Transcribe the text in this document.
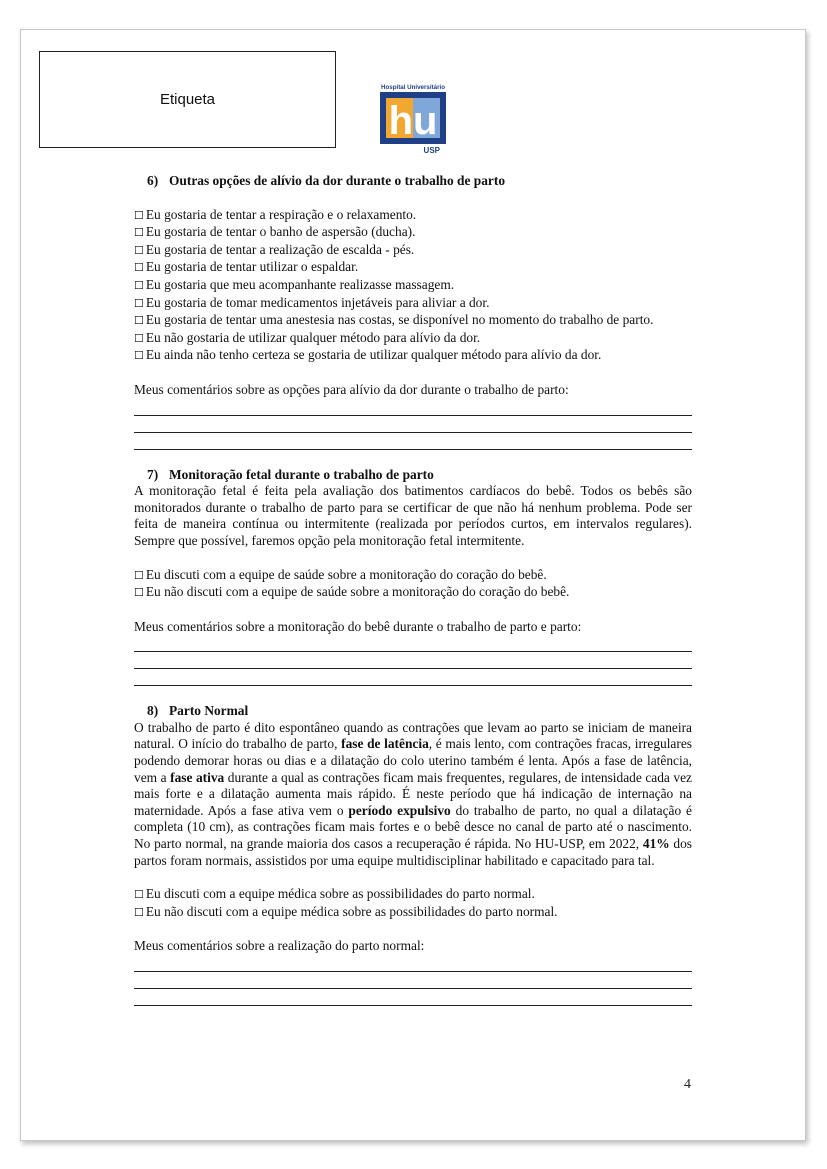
Etiqueta
Hospital Universitário
hu
USP
6) Outras opções de alívio da dor durante o trabalho de parto
☐ Eu gostaria de tentar a respiração e o relaxamento.
☐ Eu gostaria de tentar o banho de aspersão (ducha).
☐ Eu gostaria de tentar a realização de escalda - pés.
☐ Eu gostaria de tentar utilizar o espaldar.
☐ Eu gostaria que meu acompanhante realizasse massagem.
☐ Eu gostaria de tomar medicamentos injetáveis para aliviar a dor.
☐ Eu gostaria de tentar uma anestesia nas costas, se disponível no momento do trabalho de parto.
☐ Eu não gostaria de utilizar qualquer método para alívio da dor.
☐ Eu ainda não tenho certeza se gostaria de utilizar qualquer método para alívio da dor.
Meus comentários sobre as opções para alívio da dor durante o trabalho de parto:
7) Monitoração fetal durante o trabalho de parto
A monitoração fetal é feita pela avaliação dos batimentos cardíacos do bebê. Todos os bebês são monitorados durante o trabalho de parto para se certificar de que não há nenhum problema. Pode ser feita de maneira contínua ou intermitente (realizada por períodos curtos, em intervalos regulares). Sempre que possível, faremos opção pela monitoração fetal intermitente.
☐ Eu discuti com a equipe de saúde sobre a monitoração do coração do bebê.
☐ Eu não discuti com a equipe de saúde sobre a monitoração do coração do bebê.
Meus comentários sobre a monitoração do bebê durante o trabalho de parto e parto:
8) Parto Normal
O trabalho de parto é dito espontâneo quando as contrações que levam ao parto se iniciam de maneira natural. O início do trabalho de parto, fase de latência, é mais lento, com contrações fracas, irregulares podendo demorar horas ou dias e a dilatação do colo uterino também é lenta. Após a fase de latência, vem a fase ativa durante a qual as contrações ficam mais frequentes, regulares, de intensidade cada vez mais forte e a dilatação aumenta mais rápido. É neste período que há indicação de internação na maternidade. Após a fase ativa vem o período expulsivo do trabalho de parto, no qual a dilatação é completa (10 cm), as contrações ficam mais fortes e o bebê desce no canal de parto até o nascimento. No parto normal, na grande maioria dos casos a recuperação é rápida. No HU-USP, em 2022, 41% dos partos foram normais, assistidos por uma equipe multidisciplinar habilitado e capacitado para tal.
☐ Eu discuti com a equipe médica sobre as possibilidades do parto normal.
☐ Eu não discuti com a equipe médica sobre as possibilidades do parto normal.
Meus comentários sobre a realização do parto normal:
4
